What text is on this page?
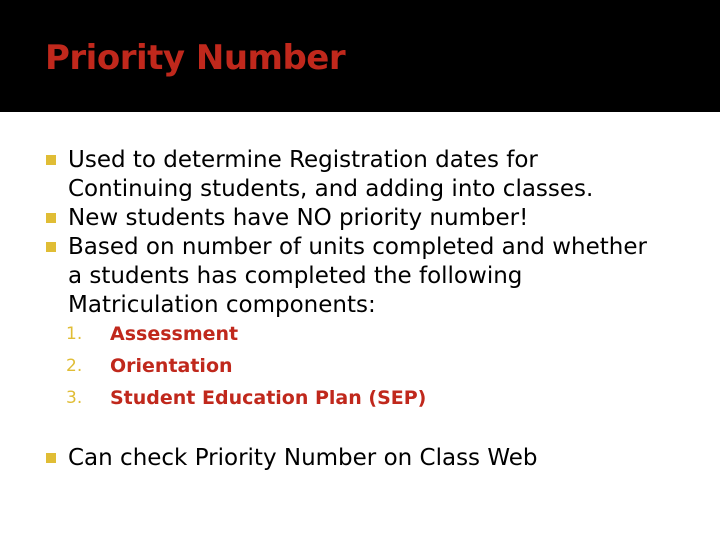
Priority Number

Used to determine Registration dates for Continuing students, and adding into classes.

New students have NO priority number!

Based on number of units completed and whether a students has completed the following Matriculation components:

1. Assessment

2. Orientation

3. Student Education Plan (SEP)

Can check Priority Number on Class Web
